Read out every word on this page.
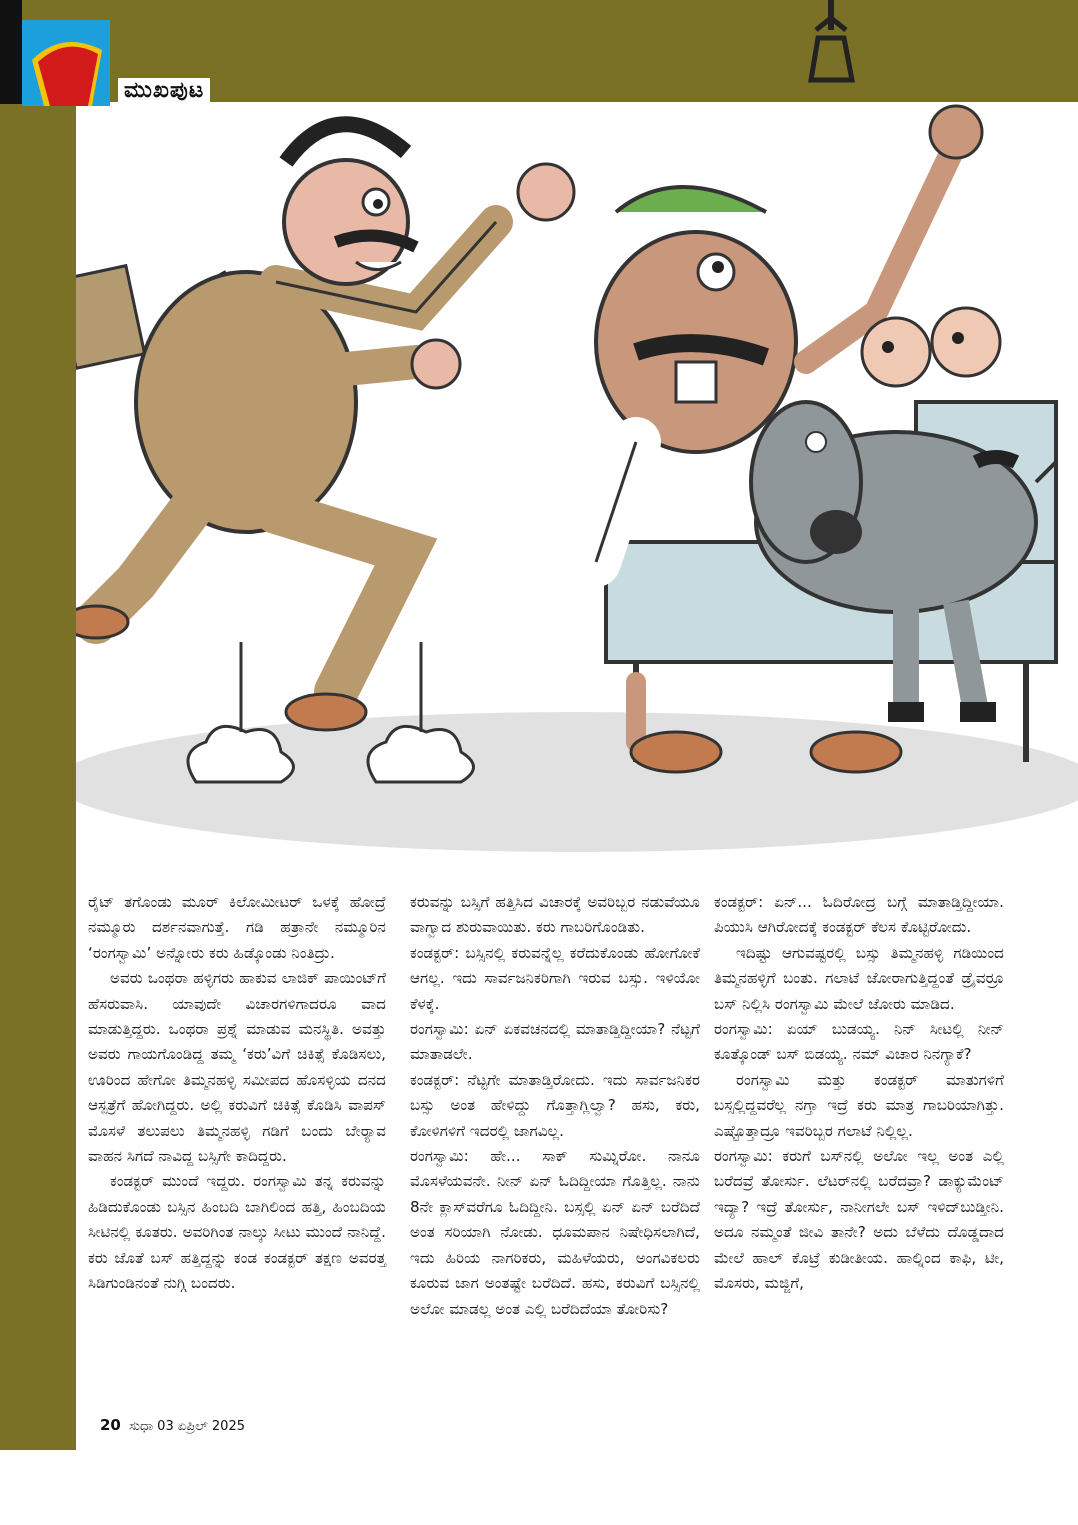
ಮುಖಪುಟ

ರೈಟ್ ತಗೊಂಡು ಮೂರ್ ಕಿಲೋಮೀಟರ್ ಒಳಕ್ಕೆ ಹೋದ್ರೆ ನಮ್ಮೂರು ದರ್ಶನವಾಗುತ್ತೆ. ಗಡಿ ಹತ್ರಾನೇ ನಮ್ಮೂರಿನ ‘ರಂಗಸ್ವಾಮಿ’ ಅನ್ನೋರು ಕರು ಹಿಡ್ಕೊಂಡು ನಿಂತಿದ್ರು.

ಅವರು ಒಂಥರಾ ಹಳ್ಳಿಗರು ಹಾಕುವ ಲಾಜಿಕ್ ಪಾಯಿಂಟ್‌ಗೆ ಹೆಸರುವಾಸಿ. ಯಾವುದೇ ವಿಚಾರಗಳಿಗಾದರೂ ವಾದ ಮಾಡುತ್ತಿದ್ದರು. ಒಂಥರಾ ಪ್ರಶ್ನೆ ಮಾಡುವ ಮನಸ್ಥಿತಿ. ಅವತ್ತು ಅವರು ಗಾಯಗೊಂಡಿದ್ದ ತಮ್ಮ ‘ಕರು’ವಿಗೆ ಚಿಕಿತ್ಸೆ ಕೊಡಿಸಲು, ಊರಿಂದ ಹೇಗೋ ತಿಮ್ಮನಹಳ್ಳಿ ಸಮೀಪದ ಹೊಸಳ್ಳಿಯ ದನದ ಆಸ್ಪತ್ರೆಗೆ ಹೋಗಿದ್ದರು. ಅಲ್ಲಿ ಕರುವಿಗೆ ಚಿಕಿತ್ಸೆ ಕೊಡಿಸಿ ವಾಪಸ್ ಮೊಸಳೆ ತಲುಪಲು ತಿಮ್ಮನಹಳ್ಳಿ ಗಡಿಗೆ ಬಂದು ಬೇರ್‍ಯಾವ ವಾಹನ ಸಿಗದೆ ನಾವಿದ್ದ ಬಸ್ಸಿಗೇ ಕಾದಿದ್ದರು.

ಕಂಡಕ್ಟರ್ ಮುಂದೆ ಇದ್ದರು. ರಂಗಸ್ವಾಮಿ ತನ್ನ ಕರುವನ್ನು ಹಿಡಿದುಕೊಂಡು ಬಸ್ಸಿನ ಹಿಂಬದಿ ಬಾಗಿಲಿಂದ ಹತ್ತಿ, ಹಿಂಬದಿಯ ಸೀಟಿನಲ್ಲಿ ಕೂತರು. ಅವರಿಗಿಂತ ನಾಲ್ಕು ಸೀಟು ಮುಂದೆ ನಾನಿದ್ದೆ. ಕರು ಜೊತೆ ಬಸ್ ಹತ್ತಿದ್ದನ್ನು ಕಂಡ ಕಂಡಕ್ಟರ್ ತಕ್ಷಣ ಅವರತ್ತ ಸಿಡಿಗುಂಡಿನಂತೆ ನುಗ್ಗಿ ಬಂದರು.

ಕರುವನ್ನು ಬಸ್ಸಿಗೆ ಹತ್ತಿಸಿದ ವಿಚಾರಕ್ಕೆ ಅವರಿಬ್ಬರ ನಡುವೆಯೂ ವಾಗ್ವಾದ ಶುರುವಾಯಿತು. ಕರು ಗಾಬರಿಗೊಂಡಿತು.

ಕಂಡಕ್ಟರ್: ಬಸ್ಸಿನಲ್ಲಿ ಕರುವನ್ನೆಲ್ಲ ಕರೆದುಕೊಂಡು ಹೋಗೋಕೆ ಆಗಲ್ಲ. ಇದು ಸಾರ್ವಜನಿಕರಿಗಾಗಿ ಇರುವ ಬಸ್ಸು. ಇಳಿಯೋ ಕೆಳಕ್ಕೆ.

ರಂಗಸ್ವಾಮಿ: ಏನ್ ಏಕವಚನದಲ್ಲಿ ಮಾತಾಡ್ತಿದ್ದೀಯಾ? ನೆಟ್ಟಗೆ ಮಾತಾಡಲೇ.

ಕಂಡಕ್ಟರ್: ನೆಟ್ಟಗೇ ಮಾತಾಡ್ತಿರೋದು. ಇದು ಸಾರ್ವಜನಿಕರ ಬಸ್ಸು ಅಂತ ಹೇಳಿದ್ದು ಗೊತ್ತಾಗ್ಲಿಲ್ವಾ? ಹಸು, ಕರು, ಕೋಳಿಗಳಿಗೆ ಇದರಲ್ಲಿ ಜಾಗವಿಲ್ಲ.

ರಂಗಸ್ವಾಮಿ: ಹೇ... ಸಾಕ್ ಸುಮ್ನಿರೋ. ನಾನೂ ಮೊಸಳೆಯವನೇ. ನೀನ್ ಏನ್ ಓದಿದ್ದೀಯಾ ಗೊತ್ತಿಲ್ಲ. ನಾನು 8ನೇ ಕ್ಲಾಸ್‌ವರೆಗೂ ಓದಿದ್ದೀನಿ. ಬಸ್ಸಲ್ಲಿ ಏನ್ ಏನ್ ಬರೆದಿದೆ ಅಂತ ಸರಿಯಾಗಿ ನೋಡು. ಧೂಮಪಾನ ನಿಷೇಧಿಸಲಾಗಿದೆ, ಇದು ಹಿರಿಯ ನಾಗರಿಕರು, ಮಹಿಳೆಯರು, ಅಂಗವಿಕಲರು ಕೂರುವ ಜಾಗ ಅಂತಷ್ಟೇ ಬರೆದಿದೆ. ಹಸು, ಕರುವಿಗೆ ಬಸ್ಸಿನಲ್ಲಿ ಅಲೋ ಮಾಡಲ್ಲ ಅಂತ ಎಲ್ಲಿ ಬರೆದಿದೆಯಾ ತೋರಿಸು?

ಕಂಡಕ್ಟರ್: ಏನ್... ಓದಿರೋದ್ರ ಬಗ್ಗೆ ಮಾತಾಡ್ತಿದ್ದೀಯಾ. ಪಿಯುಸಿ ಆಗಿರೋದಕ್ಕೆ ಕಂಡಕ್ಟರ್ ಕೆಲಸ ಕೊಟ್ಟಿರೋದು.

ಇದಿಷ್ಟು ಆಗುವಷ್ಟರಲ್ಲಿ ಬಸ್ಸು ತಿಮ್ಮನಹಳ್ಳಿ ಗಡಿಯಿಂದ ತಿಮ್ಮನಹಳ್ಳಿಗೆ ಬಂತು. ಗಲಾಟೆ ಜೋರಾಗುತ್ತಿದ್ದಂತೆ ಡ್ರೈವರ್‍ರೂ ಬಸ್ ನಿಲ್ಲಿಸಿ ರಂಗಸ್ವಾಮಿ ಮೇಲೆ ಜೋರು ಮಾಡಿದ.

ರಂಗಸ್ವಾಮಿ: ಏಯ್ ಬುಡಯ್ಯ. ನಿನ್ ಸೀಟಲ್ಲಿ ನೀನ್ ಕೂತ್ಕೊಂಡ್ ಬಸ್ ಬಿಡಯ್ಯ. ನಮ್ ವಿಚಾರ ನಿನಗ್ಯಾಕೆ?

ರಂಗಸ್ವಾಮಿ ಮತ್ತು ಕಂಡಕ್ಟರ್ ಮಾತುಗಳಿಗೆ ಬಸ್ಸಲ್ಲಿದ್ದವರೆಲ್ಲ ನಗ್ತಾ ಇದ್ರೆ ಕರು ಮಾತ್ರ ಗಾಬರಿಯಾಗಿತ್ತು. ಎಷ್ಟೊತ್ತಾದ್ರೂ ಇವರಿಬ್ಬರ ಗಲಾಟೆ ನಿಲ್ಲಿಲ್ಲ.

ರಂಗಸ್ವಾಮಿ: ಕರುಗೆ ಬಸ್‌ನಲ್ಲಿ ಅಲೋ ಇಲ್ಲ ಅಂತ ಎಲ್ಲಿ ಬರೆದವ್ರೆ ತೋರ್ಸು. ಲೆಟರ್‌ನಲ್ಲಿ ಬರೆದವ್ರಾ? ಡಾಕ್ಯುಮೆಂಟ್ ಇದ್ಯಾ? ಇದ್ರೆ ತೋರ್ಸು, ನಾನೀಗಲೇ ಬಸ್ ಇಳಿದ್‌ಬುಡ್ತೀನಿ. ಅದೂ ನಮ್ಮಂತೆ ಜೀವಿ ತಾನೇ? ಅದು ಬೆಳೆದು ದೊಡ್ಡದಾದ ಮೇಲೆ ಹಾಲ್ ಕೊಟ್ರೆ ಕುಡೀತೀಯ. ಹಾಲ್ನಿಂದ ಕಾಫಿ, ಟೀ, ಮೊಸರು, ಮಜ್ಜಿಗೆ,

20 ಸುಧಾ 03 ಏಪ್ರಿಲ್ 2025
